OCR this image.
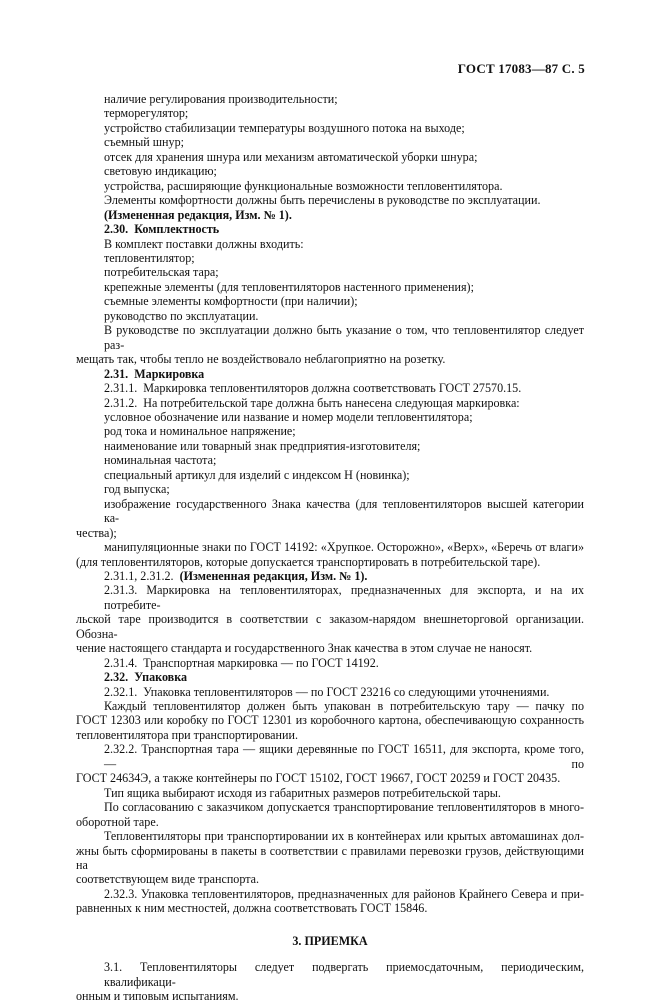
ГОСТ 17083—87 С. 5
наличие регулирования производительности;
терморегулятор;
устройство стабилизации температуры воздушного потока на выходе;
съемный шнур;
отсек для хранения шнура или механизм автоматической уборки шнура;
световую индикацию;
устройства, расширяющие функциональные возможности тепловентилятора.
Элементы комфортности должны быть перечислены в руководстве по эксплуатации.
(Измененная редакция, Изм. № 1).
2.30.  Комплектность
В комплект поставки должны входить:
тепловентилятор;
потребительская тара;
крепежные элементы (для тепловентиляторов настенного применения);
съемные элементы комфортности (при наличии);
руководство по эксплуатации.
В руководстве по эксплуатации должно быть указание о том, что тепловентилятор следует раз-
мещать так, чтобы тепло не воздействовало неблагоприятно на розетку.
2.31.  Маркировка
2.31.1.  Маркировка тепловентиляторов должна соответствовать ГОСТ 27570.15.
2.31.2.  На потребительской таре должна быть нанесена следующая маркировка:
условное обозначение или название и номер модели тепловентилятора;
род тока и номинальное напряжение;
наименование или товарный знак предприятия-изготовителя;
номинальная частота;
специальный артикул для изделий с индексом Н (новинка);
год выпуска;
изображение государственного Знака качества (для тепловентиляторов высшей категории ка-
чества);
манипуляционные знаки по ГОСТ 14192: «Хрупкое. Осторожно», «Верх», «Беречь от влаги»
(для тепловентиляторов, которые допускается транспортировать в потребительской таре).
2.31.1, 2.31.2.  (Измененная редакция, Изм. № 1).
2.31.3. Маркировка на тепловентиляторах, предназначенных для экспорта, и на их потребите-
льской таре производится в соответствии с заказом-нарядом внешнеторговой организации. Обозна-
чение настоящего стандарта и государственного Знак качества в этом случае не наносят.
2.31.4.  Транспортная маркировка — по ГОСТ 14192.
2.32.  Упаковка
2.32.1.  Упаковка тепловентиляторов — по ГОСТ 23216 со следующими уточнениями.
Каждый тепловентилятор должен быть упакован в потребительскую тару — пачку по
ГОСТ 12303 или коробку по ГОСТ 12301 из коробочного картона, обеспечивающую сохранность
тепловентилятора при транспортировании.
2.32.2. Транспортная тара — ящики деревянные по ГОСТ 16511, для экспорта, кроме того, — по
ГОСТ 24634Э, а также контейнеры по ГОСТ 15102, ГОСТ 19667, ГОСТ 20259 и ГОСТ 20435.
Тип ящика выбирают исходя из габаритных размеров потребительской тары.
По согласованию с заказчиком допускается транспортирование тепловентиляторов в много-
оборотной таре.
Тепловентиляторы при транспортировании их в контейнерах или крытых автомашинах дол-
жны быть сформированы в пакеты в соответствии с правилами перевозки грузов, действующими на
соответствующем виде транспорта.
2.32.3. Упаковка тепловентиляторов, предназначенных для районов Крайнего Севера и при-
равненных к ним местностей, должна соответствовать ГОСТ 15846.
3. ПРИЕМКА
3.1. Тепловентиляторы следует подвергать приемосдаточным, периодическим, квалификаци-
онным и типовым испытаниям.
